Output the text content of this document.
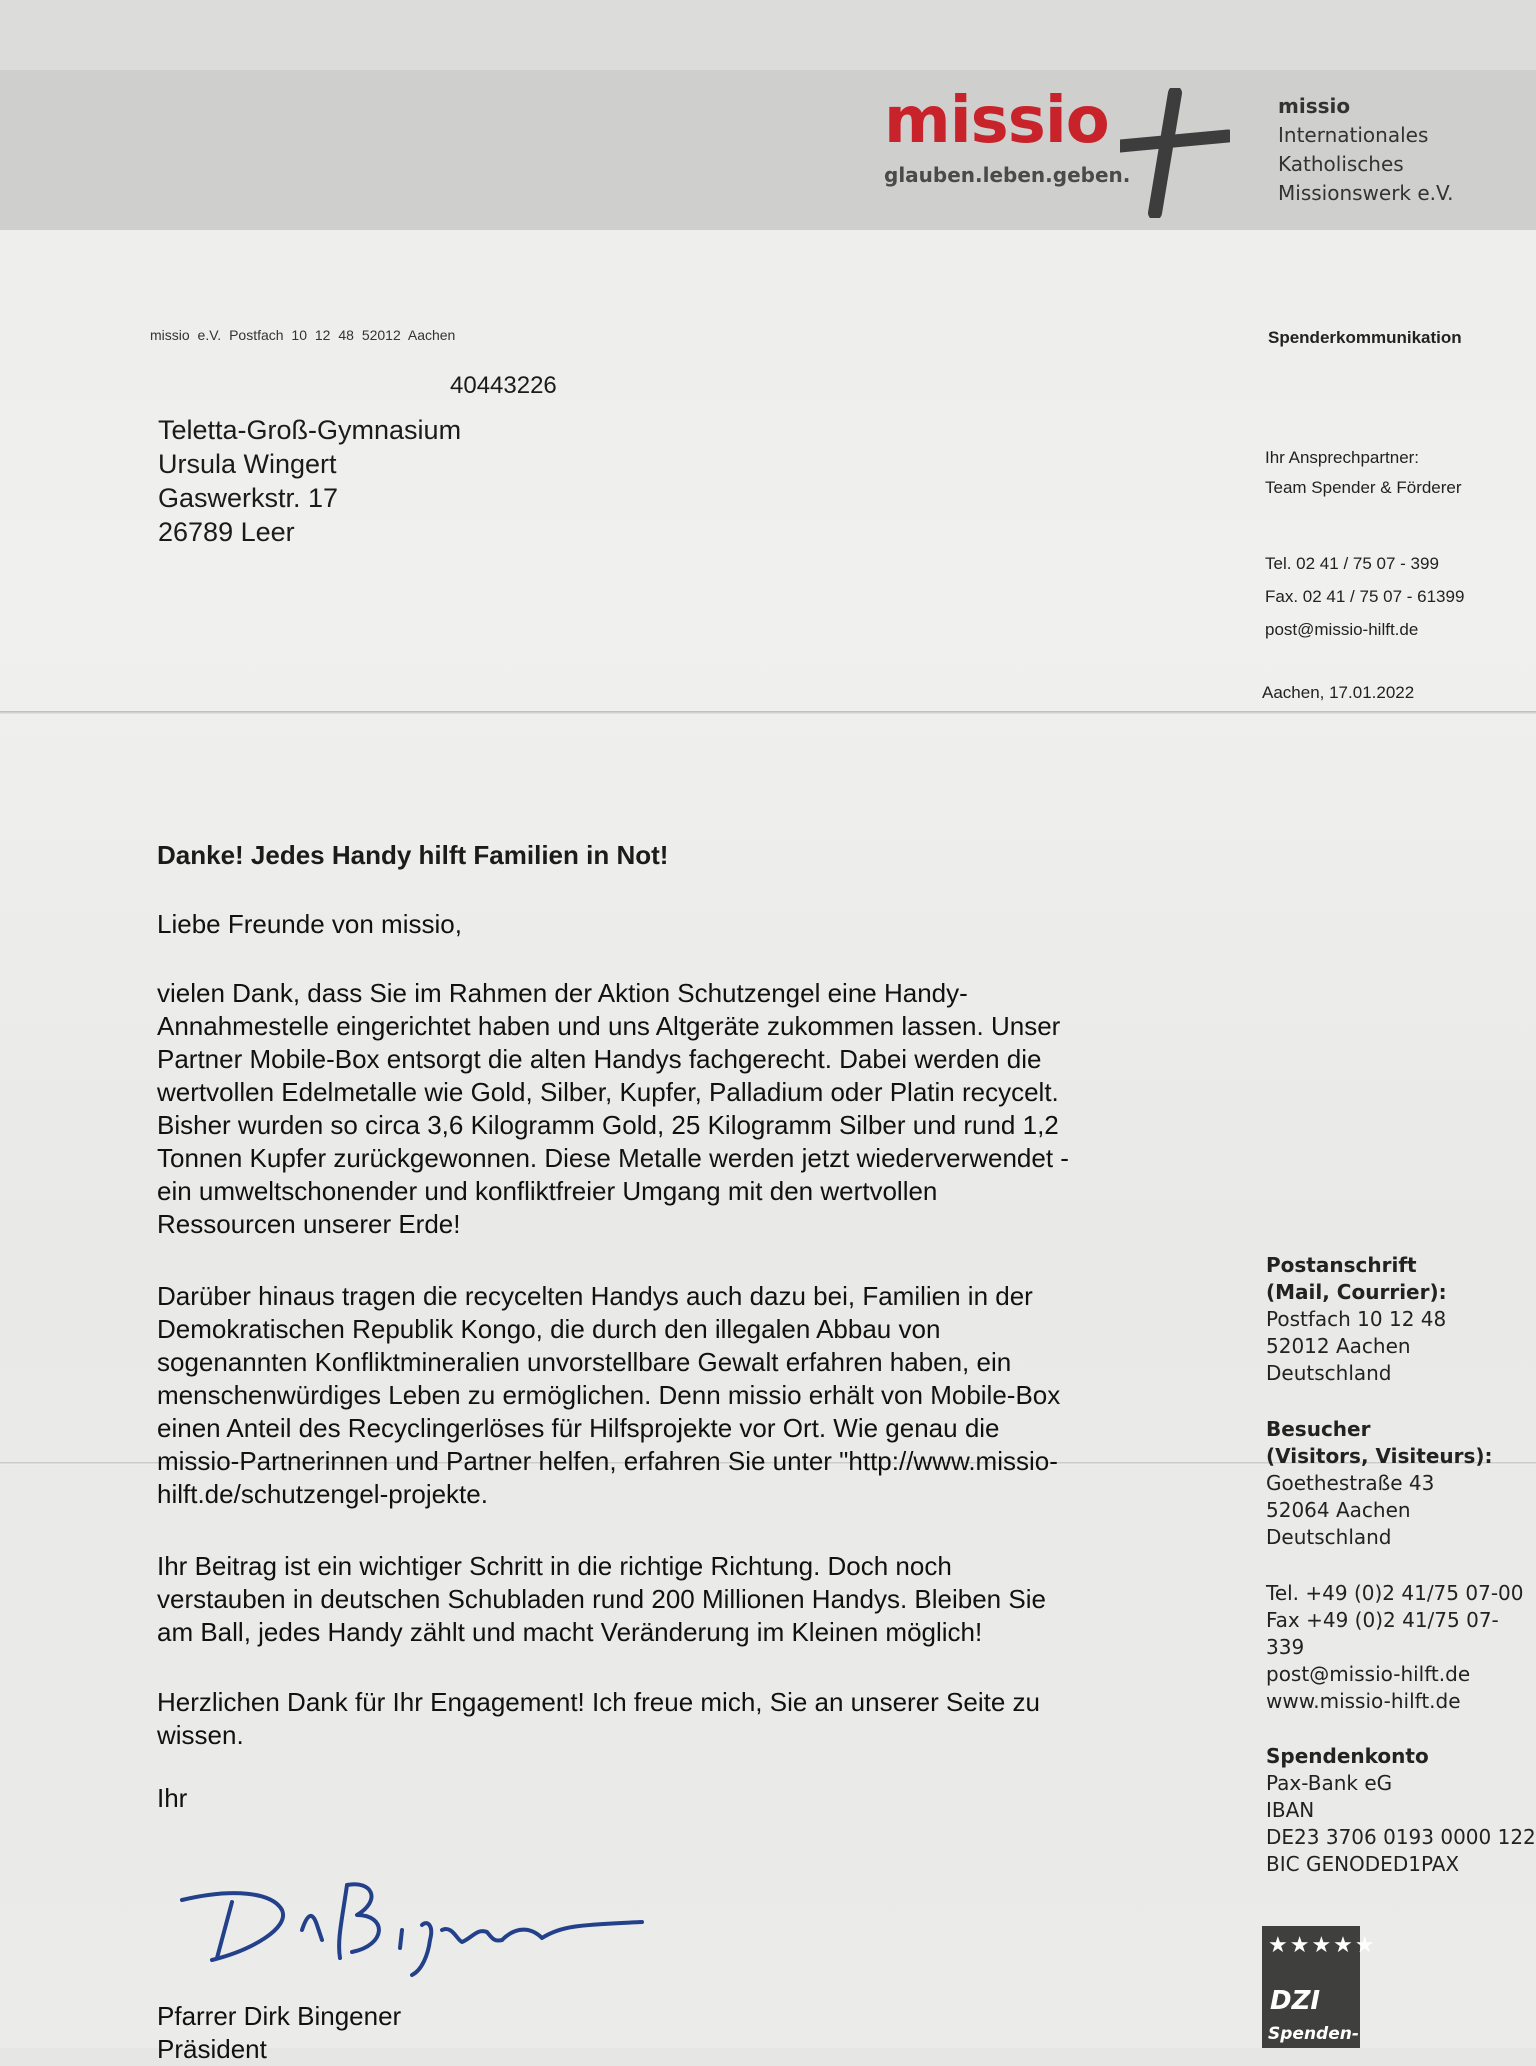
missio
glauben.leben.geben.
missio
Internationales
Katholisches
Missionswerk e.V.
missio e.V. Postfach 10 12 48 52012 Aachen
40443226
Teletta-Groß-Gymnasium
Ursula Wingert
Gaswerkstr. 17
26789 Leer
Spenderkommunikation
Ihr Ansprechpartner:
Team Spender & Förderer
Tel. 02 41 / 75 07 - 399
Fax. 02 41 / 75 07 - 61399
post@missio-hilft.de
Aachen, 17.01.2022
Danke! Jedes Handy hilft Familien in Not!

Liebe Freunde von missio,

vielen Dank, dass Sie im Rahmen der Aktion Schutzengel eine Handy-

Annahmestelle eingerichtet haben und uns Altgeräte zukommen lassen. Unser

Partner Mobile-Box entsorgt die alten Handys fachgerecht. Dabei werden die

wertvollen Edelmetalle wie Gold, Silber, Kupfer, Palladium oder Platin recycelt.

Bisher wurden so circa 3,6 Kilogramm Gold, 25 Kilogramm Silber und rund 1,2

Tonnen Kupfer zurückgewonnen. Diese Metalle werden jetzt wiederverwendet -

ein umweltschonender und konfliktfreier Umgang mit den wertvollen

Ressourcen unserer Erde!

Darüber hinaus tragen die recycelten Handys auch dazu bei, Familien in der

Demokratischen Republik Kongo, die durch den illegalen Abbau von

sogenannten Konfliktmineralien unvorstellbare Gewalt erfahren haben, ein

menschenwürdiges Leben zu ermöglichen. Denn missio erhält von Mobile-Box

einen Anteil des Recyclingerlöses für Hilfsprojekte vor Ort. Wie genau die

missio-Partnerinnen und Partner helfen, erfahren Sie unter "http://www.missio-

hilft.de/schutzengel-projekte.

Ihr Beitrag ist ein wichtiger Schritt in die richtige Richtung. Doch noch

verstauben in deutschen Schubladen rund 200 Millionen Handys. Bleiben Sie

am Ball, jedes Handy zählt und macht Veränderung im Kleinen möglich!

Herzlichen Dank für Ihr Engagement! Ich freue mich, Sie an unserer Seite zu

wissen.

Ihr

Pfarrer Dirk Bingener

Präsident

Postanschrift
(Mail, Courrier):
Postfach 10 12 48
52012 Aachen
Deutschland
Besucher
(Visitors, Visiteurs):
Goethestraße 43
52064 Aachen
Deutschland
Tel. +49 (0)2 41/75 07-00
Fax +49 (0)2 41/75 07-339
post@missio-hilft.de
www.missio-hilft.de
Spendenkonto
Pax-Bank eG
IBAN
DE23 3706 0193 0000 122
BIC GENODED1PAX
★★★★★
DZI
Spenden-
